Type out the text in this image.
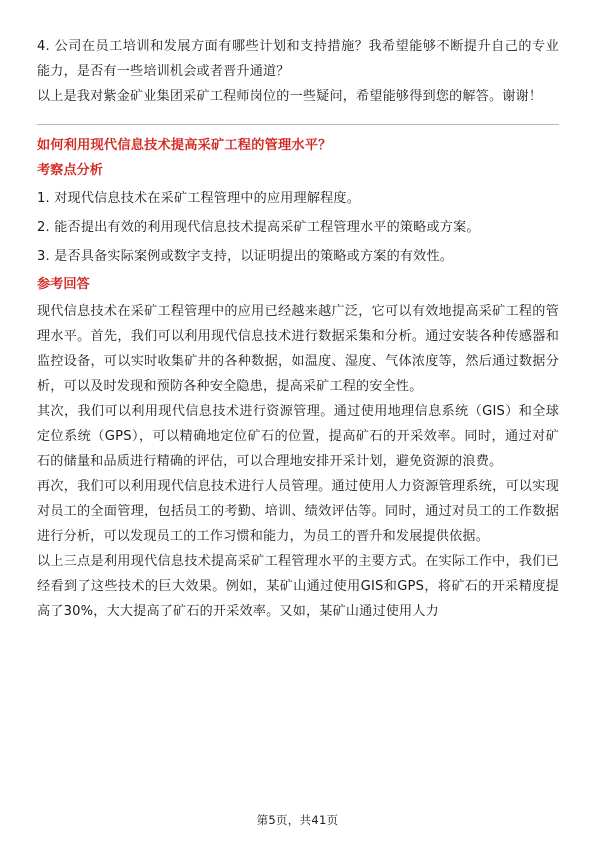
4. 公司在员工培训和发展方面有哪些计划和支持措施？我希望能够不断提升自己的专业能力，是否有一些培训机会或者晋升通道？

以上是我对紫金矿业集团采矿工程师岗位的一些疑问，希望能够得到您的解答。谢谢！

如何利用现代信息技术提高采矿工程的管理水平？
考察点分析

1. 对现代信息技术在采矿工程管理中的应用理解程度。

2. 能否提出有效的利用现代信息技术提高采矿工程管理水平的策略或方案。

3. 是否具备实际案例或数字支持，以证明提出的策略或方案的有效性。

参考回答

现代信息技术在采矿工程管理中的应用已经越来越广泛，它可以有效地提高采矿工程的管理水平。首先，我们可以利用现代信息技术进行数据采集和分析。通过安装各种传感器和监控设备，可以实时收集矿井的各种数据，如温度、湿度、气体浓度等，然后通过数据分析，可以及时发现和预防各种安全隐患，提高采矿工程的安全性。

其次，我们可以利用现代信息技术进行资源管理。通过使用地理信息系统（GIS）和全球定位系统（GPS），可以精确地定位矿石的位置，提高矿石的开采效率。同时，通过对矿石的储量和品质进行精确的评估，可以合理地安排开采计划，避免资源的浪费。

再次，我们可以利用现代信息技术进行人员管理。通过使用人力资源管理系统，可以实现对员工的全面管理，包括员工的考勤、培训、绩效评估等。同时，通过对员工的工作数据进行分析，可以发现员工的工作习惯和能力，为员工的晋升和发展提供依据。

以上三点是利用现代信息技术提高采矿工程管理水平的主要方式。在实际工作中，我们已经看到了这些技术的巨大效果。例如，某矿山通过使用GIS和GPS，将矿石的开采精度提高了30%，大大提高了矿石的开采效率。又如，某矿山通过使用人力

第5页，共41页
